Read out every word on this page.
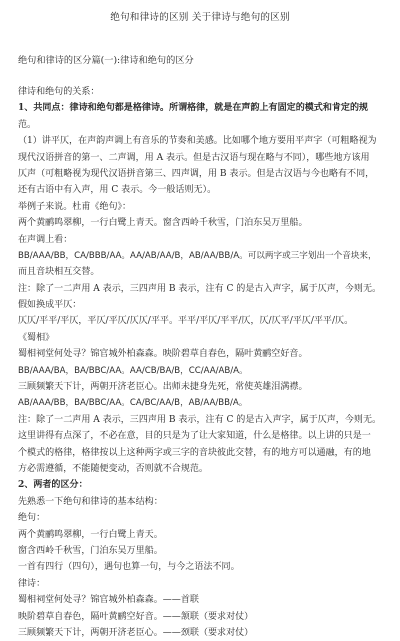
绝句和律诗的区别 关于律诗与绝句的区别
绝句和律诗的区分篇(一):律诗和绝句的区分
律诗和绝句的关系：
1、共同点：律诗和绝句都是格律诗。所谓格律，就是在声韵上有固定的模式和肯定的规
范。
（1）讲平仄，在声韵声调上有音乐的节奏和美感。比如哪个地方要用平声字（可粗略视为
现代汉语拼音的第一、二声调，用 A 表示。但是古汉语与现在略与不同），哪些地方该用
仄声（可粗略视为现代汉语拼音第三、四声调，用 B 表示。但是古汉语与今也略有不同，
还有古语中有入声，用 C 表示。今一般话则无）。
举例子来说。杜甫《绝句》：
两个黄鹂鸣翠柳，一行白鹭上青天。窗含西岭千秋雪，门泊东吴万里船。
在声调上看：
BB/AAA/BB，CA/BBB/AA。AA/AB/AA/B，AB/AA/BB/A。可以两字或三字划出一个音块来，
而且音块相互交替。
注：除了一二声用 A 表示，三四声用 B 表示，注有 C 的是古入声字，属于仄声，今则无。
假如换成平仄：
仄仄/平平/平仄，平仄/平仄/仄仄/平平。平平/平仄/平平/仄，仄/仄平/平仄/平平/仄。
《蜀相》
蜀相祠堂何处寻？锦官城外柏森森。映阶碧草自春色，隔叶黄鹂空好音。
BB/AAA/BA，BA/BBC/AA。AA/CB/BA/B，CC/AA/AB/A。
三顾频繁天下计，两朝开济老臣心。出师未捷身先死，常使英雄泪满襟。
AB/AAA/BB，BA/BBC/AA。CA/BC/AA/B，AB/AA/BB/A。
注：除了一二声用 A 表示，三四声用 B 表示，注有 C 的是古入声字，属于仄声，今则无。
这里讲得有点深了，不必在意，目的只是为了让大家知道，什么是格律。以上讲的只是一
个模式的格律，格律按以上这种两字或三字的音块彼此交替，有的地方可以通融，有的地
方必需遵循，不能随便变动，否则就不合规范。
2、两者的区分：
先熟悉一下绝句和律诗的基本结构：
绝句：
两个黄鹂鸣翠柳，一行白鹭上青天。
窗含西岭千秋雪，门泊东吴万里船。
一首有四行（四句），遇句也算一句，与今之语法不同。
律诗：
蜀相祠堂何处寻？锦官城外柏森森。——首联
映阶碧草自春色，隔叶黄鹂空好音。——颔联（要求对仗）
三顾频繁天下计，两朝开济老臣心。——颈联（要求对仗）
